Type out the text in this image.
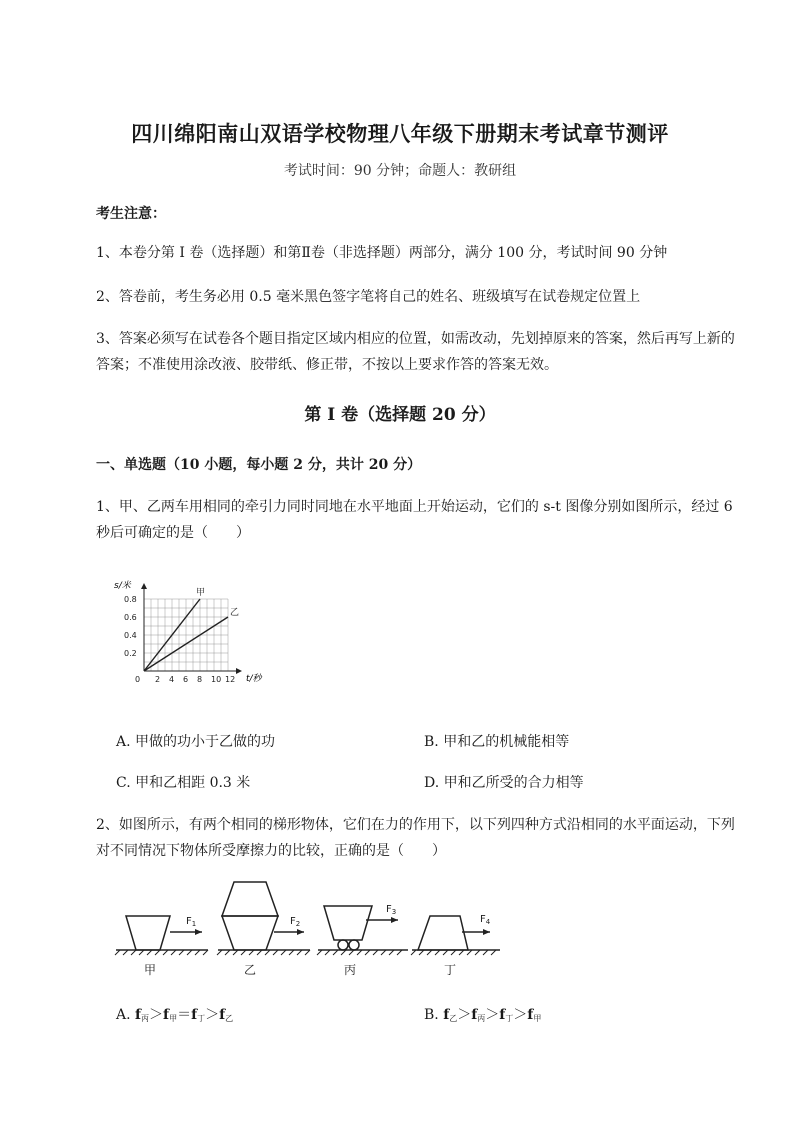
四川绵阳南山双语学校物理八年级下册期末考试章节测评
考试时间：90 分钟；命题人：教研组
考生注意：
1、本卷分第 I 卷（选择题）和第Ⅱ卷（非选择题）两部分，满分 100 分，考试时间 90 分钟
2、答卷前，考生务必用 0.5 毫米黑色签字笔将自己的姓名、班级填写在试卷规定位置上
3、答案必须写在试卷各个题目指定区域内相应的位置，如需改动，先划掉原来的答案，然后再写上新的答案；不准使用涂改液、胶带纸、修正带，不按以上要求作答的答案无效。
第 I 卷（选择题 20 分）
一、单选题（10 小题，每小题 2 分，共计 20 分）
1、甲、乙两车用相同的牵引力同时同地在水平地面上开始运动，它们的 s-t 图像分别如图所示，经过 6 秒后可确定的是（　　）
0 2 4 6 8 10 12
0.2
0.4
0.6
0.8
甲
乙
s/米
t/秒
A. 甲做的功小于乙做的功	B. 甲和乙的机械能相等
C. 甲和乙相距 0.3 米	D. 甲和乙所受的合力相等
2、如图所示，有两个相同的梯形物体，它们在力的作用下，以下列四种方式沿相同的水平面运动，下列对不同情况下物体所受摩擦力的比较，正确的是（　　）
$F_1$	$F_2$
$F_3$
$F_4$
甲	乙	丙	丁
A. $f_丙>f_甲=f_丁>f_乙$	B. $f_乙>f_丙>f_丁>f_甲$
